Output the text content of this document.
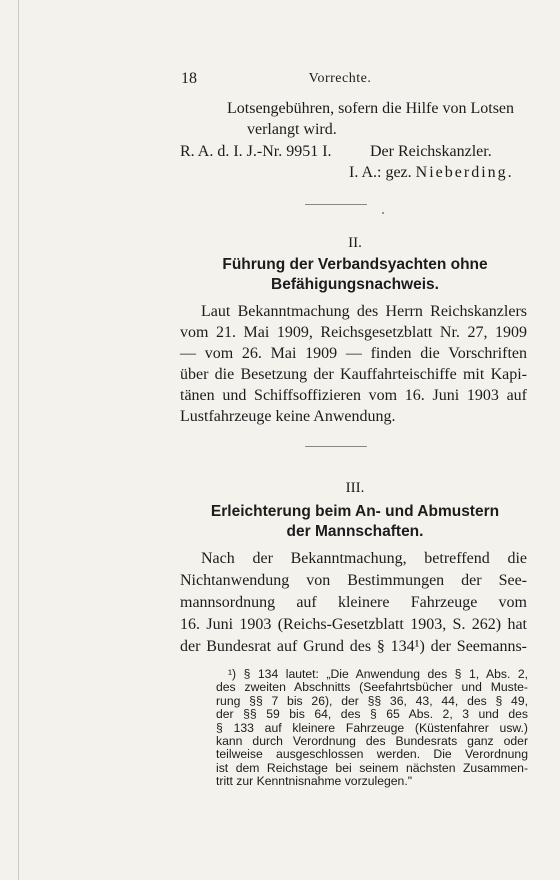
18	Vorrechte.
Lotsengebühren, sofern die Hilfe von Lotsen
verlangt wird.
R. A. d. I. J.-Nr. 9951 I. Der Reichskanzler.
I. A.: gez. Nieberding.
II.
Führung der Verbandsyachten ohne
Befähigungsnachweis.
Laut Bekanntmachung des Herrn Reichskanzlers
vom 21. Mai 1909, Reichsgesetzblatt Nr. 27, 1909
— vom 26. Mai 1909 — finden die Vorschriften
über die Besetzung der Kauffahrteischiffe mit Kapi-
tänen und Schiffsoffizieren vom 16. Juni 1903 auf
Lustfahrzeuge keine Anwendung.
III.
Erleichterung beim An- und Abmustern
der Mannschaften.
Nach der Bekanntmachung, betreffend die
Nichtanwendung von Bestimmungen der See-
mannsordnung auf kleinere Fahrzeuge vom
16. Juni 1903 (Reichs-Gesetzblatt 1903, S. 262) hat
der Bundesrat auf Grund des § 134¹) der Seemanns-
¹) § 134 lautet: „Die Anwendung des § 1, Abs. 2,
des zweiten Abschnitts (Seefahrtsbücher und Muste-
rung §§ 7 bis 26), der §§ 36, 43, 44, des § 49,
der §§ 59 bis 64, des § 65 Abs. 2, 3 und des
§ 133 auf kleinere Fahrzeuge (Küstenfahrer usw.)
kann durch Verordnung des Bundesrats ganz oder
teilweise ausgeschlossen werden. Die Verordnung
ist dem Reichstage bei seinem nächsten Zusammen-
tritt zur Kenntnisnahme vorzulegen."
